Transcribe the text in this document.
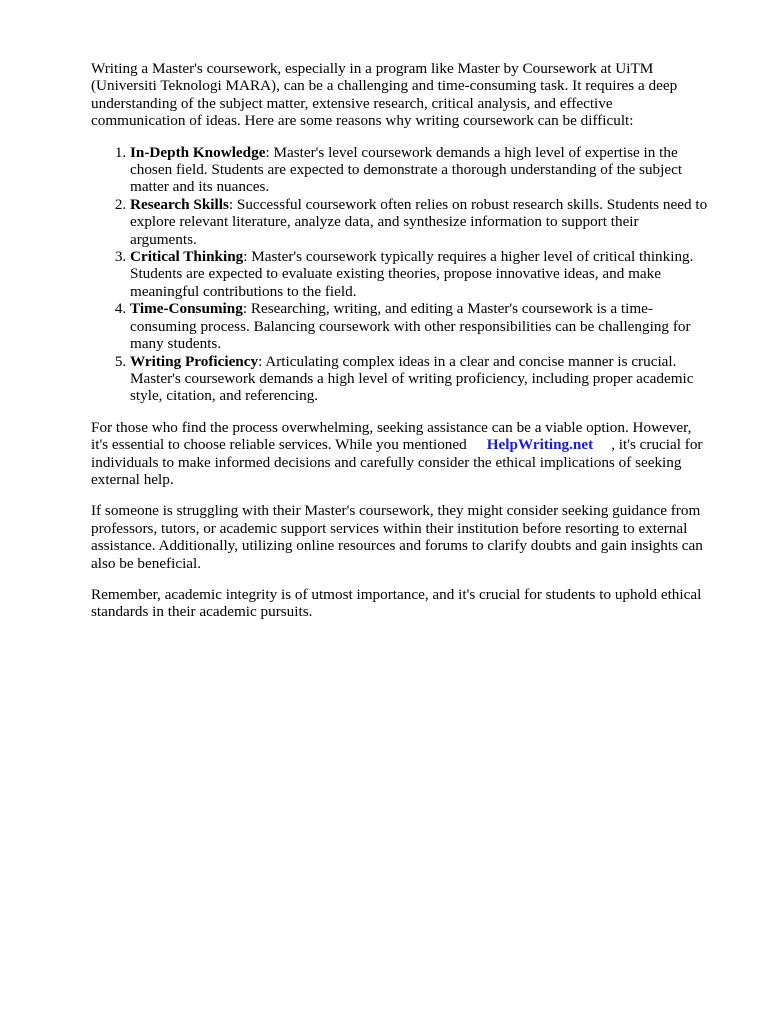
Writing a Master's coursework, especially in a program like Master by Coursework at UiTM (Universiti Teknologi MARA), can be a challenging and time-consuming task. It requires a deep understanding of the subject matter, extensive research, critical analysis, and effective communication of ideas. Here are some reasons why writing coursework can be difficult:

1. In-Depth Knowledge: Master's level coursework demands a high level of expertise in the chosen field. Students are expected to demonstrate a thorough understanding of the subject matter and its nuances.
2. Research Skills: Successful coursework often relies on robust research skills. Students need to explore relevant literature, analyze data, and synthesize information to support their arguments.
3. Critical Thinking: Master's coursework typically requires a higher level of critical thinking. Students are expected to evaluate existing theories, propose innovative ideas, and make meaningful contributions to the field.
4. Time-Consuming: Researching, writing, and editing a Master's coursework is a time-consuming process. Balancing coursework with other responsibilities can be challenging for many students.
5. Writing Proficiency: Articulating complex ideas in a clear and concise manner is crucial. Master's coursework demands a high level of writing proficiency, including proper academic style, citation, and referencing.

For those who find the process overwhelming, seeking assistance can be a viable option. However, it's essential to choose reliable services. While you mentioned HelpWriting.net , it's crucial for individuals to make informed decisions and carefully consider the ethical implications of seeking external help.

If someone is struggling with their Master's coursework, they might consider seeking guidance from professors, tutors, or academic support services within their institution before resorting to external assistance. Additionally, utilizing online resources and forums to clarify doubts and gain insights can also be beneficial.

Remember, academic integrity is of utmost importance, and it's crucial for students to uphold ethical standards in their academic pursuits.
